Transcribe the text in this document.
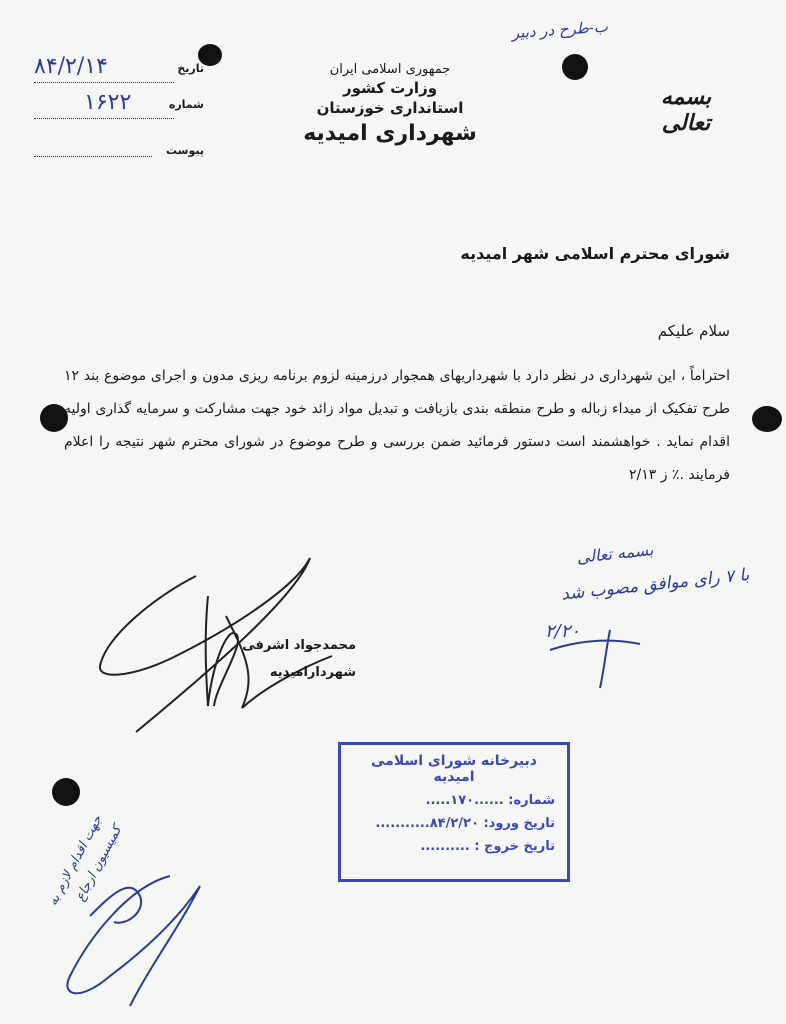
ب-طرح در دبیر
بسمه تعالی
جمهوری اسلامی ایران
وزارت کشور
استانداری خوزستان
شهرداری امیدیه
تاریخ
۸۴/۲/۱۴
شماره
۱۶۲۲
پیوست
شورای محترم اسلامی شهر امیدیه
سلام علیکم
احتراماً ، این شهرداری در نظر دارد با شهرداریهای همجوار درزمینه لزوم برنامه ریزی مدون و اجرای موضوع بند ۱۲ طرح تفکیک از مبداء زباله و طرح منطقه بندی بازیافت و تبدیل مواد زائد خود جهت مشارکت و سرمایه گذاری اولیه اقدام نماید . خواهشمند است دستور فرمائید ضمن بررسی و طرح موضوع در شورای محترم شهر نتیجه را اعلام فرمایند .٪ ز ۲/۱۳
محمدجواد اشرفی
شهردارامیدیه
بسمه تعالی
با ۷ رای موافق مصوب شد
۲/۲۰
دبیرخانه شورای اسلامی امیدیه
شماره: ......۱۷۰.....
تاریخ ورود: ۸۴/۲/۲۰...........
تاریخ خروج : ..........
جهت اقدام لازم به کمیسیون ارجاع
